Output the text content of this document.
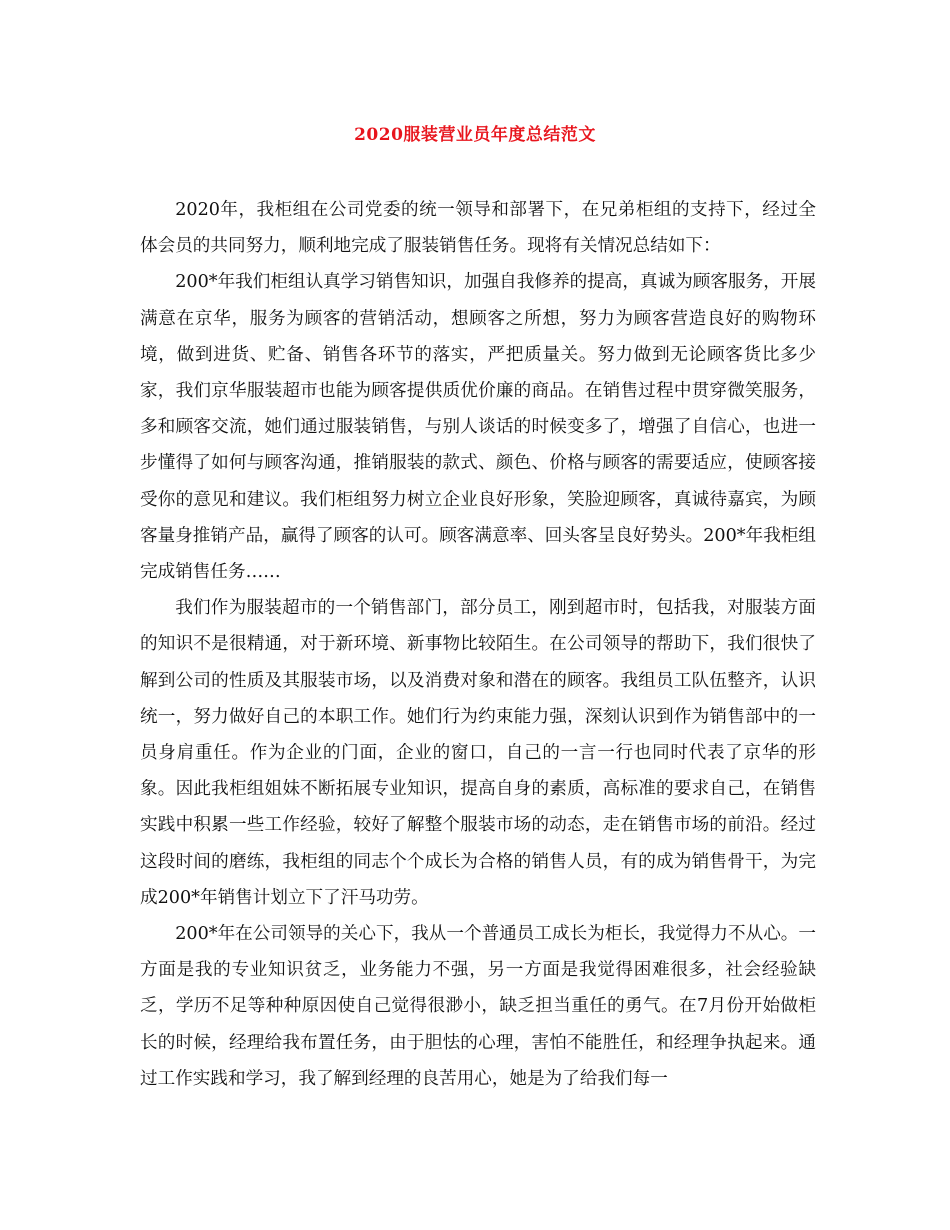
2020服装营业员年度总结范文

2020年，我柜组在公司党委的统一领导和部署下，在兄弟柜组的支持下，经过全体会员的共同努力，顺利地完成了服装销售任务。现将有关情况总结如下：

200*年我们柜组认真学习销售知识，加强自我修养的提高，真诚为顾客服务，开展满意在京华，服务为顾客的营销活动，想顾客之所想，努力为顾客营造良好的购物环境，做到进货、贮备、销售各环节的落实，严把质量关。努力做到无论顾客货比多少家，我们京华服装超市也能为顾客提供质优价廉的商品。在销售过程中贯穿微笑服务，多和顾客交流，她们通过服装销售，与别人谈话的时候变多了，增强了自信心，也进一步懂得了如何与顾客沟通，推销服装的款式、颜色、价格与顾客的需要适应，使顾客接受你的意见和建议。我们柜组努力树立企业良好形象，笑脸迎顾客，真诚待嘉宾，为顾客量身推销产品，赢得了顾客的认可。顾客满意率、回头客呈良好势头。200*年我柜组完成销售任务……

我们作为服装超市的一个销售部门，部分员工，刚到超市时，包括我，对服装方面的知识不是很精通，对于新环境、新事物比较陌生。在公司领导的帮助下，我们很快了解到公司的性质及其服装市场，以及消费对象和潜在的顾客。我组员工队伍整齐，认识统一，努力做好自己的本职工作。她们行为约束能力强，深刻认识到作为销售部中的一员身肩重任。作为企业的门面，企业的窗口，自己的一言一行也同时代表了京华的形象。因此我柜组姐妹不断拓展专业知识，提高自身的素质，高标准的要求自己，在销售实践中积累一些工作经验，较好了解整个服装市场的动态，走在销售市场的前沿。经过这段时间的磨练，我柜组的同志个个成长为合格的销售人员，有的成为销售骨干，为完成200*年销售计划立下了汗马功劳。

200*年在公司领导的关心下，我从一个普通员工成长为柜长，我觉得力不从心。一方面是我的专业知识贫乏，业务能力不强，另一方面是我觉得困难很多，社会经验缺乏，学历不足等种种原因使自己觉得很渺小，缺乏担当重任的勇气。在7月份开始做柜长的时候，经理给我布置任务，由于胆怯的心理，害怕不能胜任，和经理争执起来。通过工作实践和学习，我了解到经理的良苦用心，她是为了给我们每一
